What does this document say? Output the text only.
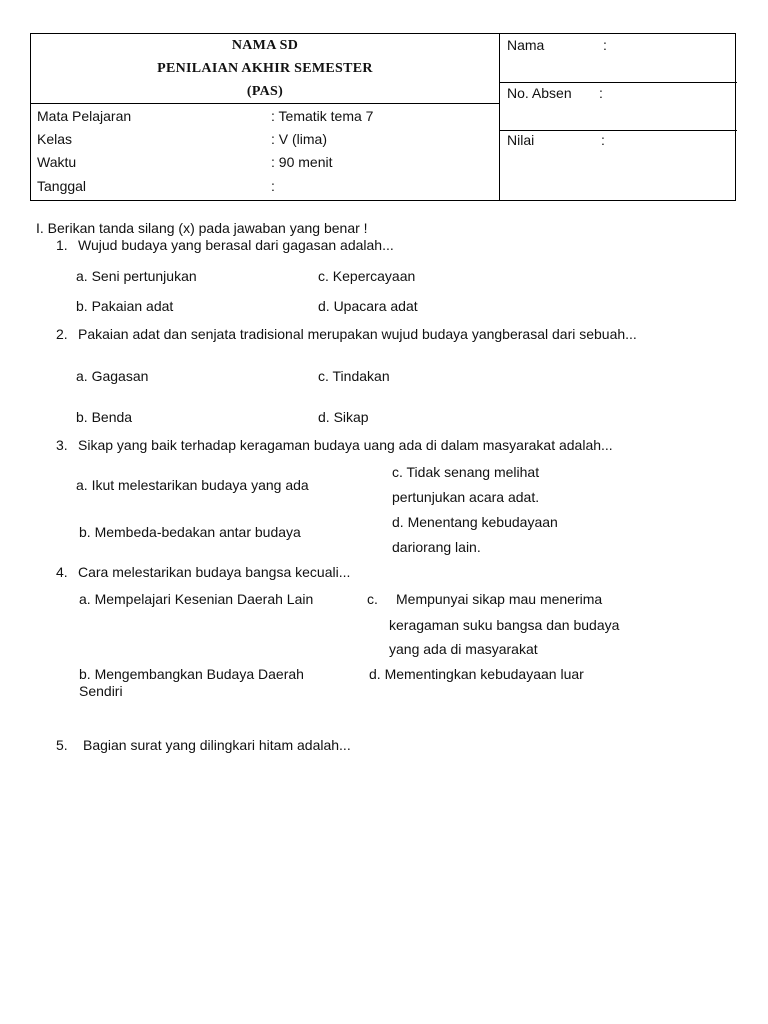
NAMA SD
PENILAIAN AKHIR SEMESTER
(PAS)
Mata Pelajaran	: Tematik tema 7
Kelas	: V (lima)
Waktu	: 90 menit
Tanggal	:
Nama	:
No. Absen :
Nilai	:
I. Berikan tanda silang (x) pada jawaban yang benar !
1. Wujud budaya yang berasal dari gagasan adalah...
a. Seni pertunjukan	c. Kepercayaan
b. Pakaian adat	d. Upacara adat
2. Pakaian adat dan senjata tradisional merupakan wujud budaya yangberasal dari sebuah...
a. Gagasan	c. Tindakan
b. Benda	d. Sikap
3. Sikap yang baik terhadap keragaman budaya uang ada di dalam masyarakat adalah...
a. Ikut melestarikan budaya yang ada
c. Tidak senang melihat
pertunjukan acara adat.
b. Membeda-bedakan antar budaya
d. Menentang kebudayaan
dariorang lain.
4. Cara melestarikan budaya bangsa kecuali...
a. Mempelajari Kesenian Daerah Lain	c. Mempunyai sikap mau menerima
keragaman suku bangsa dan budaya
yang ada di masyarakat
b. Mengembangkan Budaya Daerah
Sendiri
d. Mementingkan kebudayaan luar
5. Bagian surat yang dilingkari hitam adalah...
